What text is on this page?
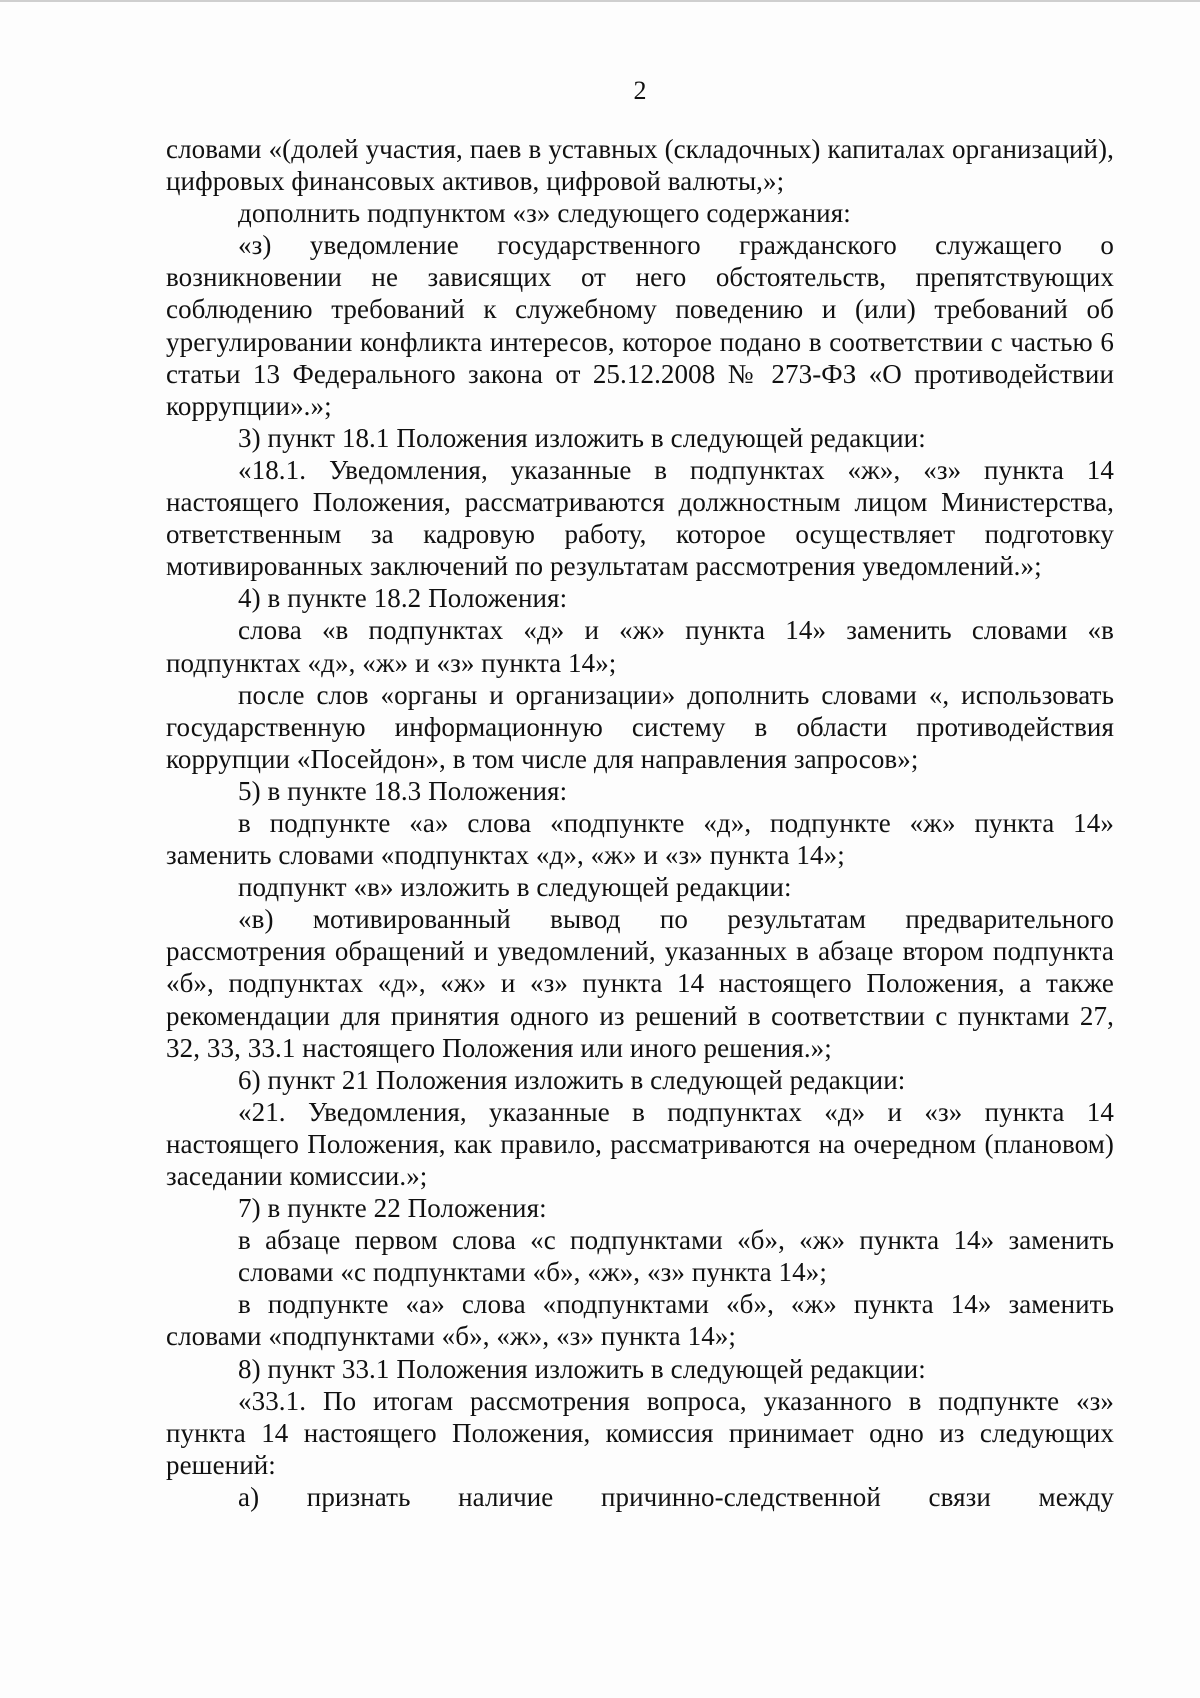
2

словами «(долей участия, паев в уставных (складочных) капиталах организаций), цифровых финансовых активов, цифровой валюты,»;

дополнить подпунктом «з» следующего содержания:

«з) уведомление государственного гражданского служащего о возникновении не зависящих от него обстоятельств, препятствующих соблюдению требований к служебному поведению и (или) требований об урегулировании конфликта интересов, которое подано в соответствии с частью 6 статьи 13 Федерального закона от 25.12.2008 № 273-ФЗ «О противодействии коррупции».»;

3) пункт 18.1 Положения изложить в следующей редакции:

«18.1. Уведомления, указанные в подпунктах «ж», «з» пункта 14 настоящего Положения, рассматриваются должностным лицом Министерства, ответственным за кадровую работу, которое осуществляет подготовку мотивированных заключений по результатам рассмотрения уведомлений.»;

4) в пункте 18.2 Положения:

слова «в подпунктах «д» и «ж» пункта 14» заменить словами «в подпунктах «д», «ж» и «з» пункта 14»;

после слов «органы и организации» дополнить словами «, использовать государственную информационную систему в области противодействия коррупции «Посейдон», в том числе для направления запросов»;

5) в пункте 18.3 Положения:

в подпункте «а» слова «подпункте «д», подпункте «ж» пункта 14» заменить словами «подпунктах «д», «ж» и «з» пункта 14»;

подпункт «в» изложить в следующей редакции:

«в) мотивированный вывод по результатам предварительного рассмотрения обращений и уведомлений, указанных в абзаце втором подпункта «б», подпунктах «д», «ж» и «з» пункта 14 настоящего Положения, а также рекомендации для принятия одного из решений в соответствии с пунктами 27, 32, 33, 33.1 настоящего Положения или иного решения.»;

6) пункт 21 Положения изложить в следующей редакции:

«21. Уведомления, указанные в подпунктах «д» и «з» пункта 14 настоящего Положения, как правило, рассматриваются на очередном (плановом) заседании комиссии.»;

7) в пункте 22 Положения:

в абзаце первом слова «с подпунктами «б», «ж» пункта 14» заменить словами «с подпунктами «б», «ж», «з» пункта 14»;

в подпункте «а» слова «подпунктами «б», «ж» пункта 14» заменить словами «подпунктами «б», «ж», «з» пункта 14»;

8) пункт 33.1 Положения изложить в следующей редакции:

«33.1. По итогам рассмотрения вопроса, указанного в подпункте «з» пункта 14 настоящего Положения, комиссия принимает одно из следующих решений:

а) признать наличие причинно-следственной связи между
